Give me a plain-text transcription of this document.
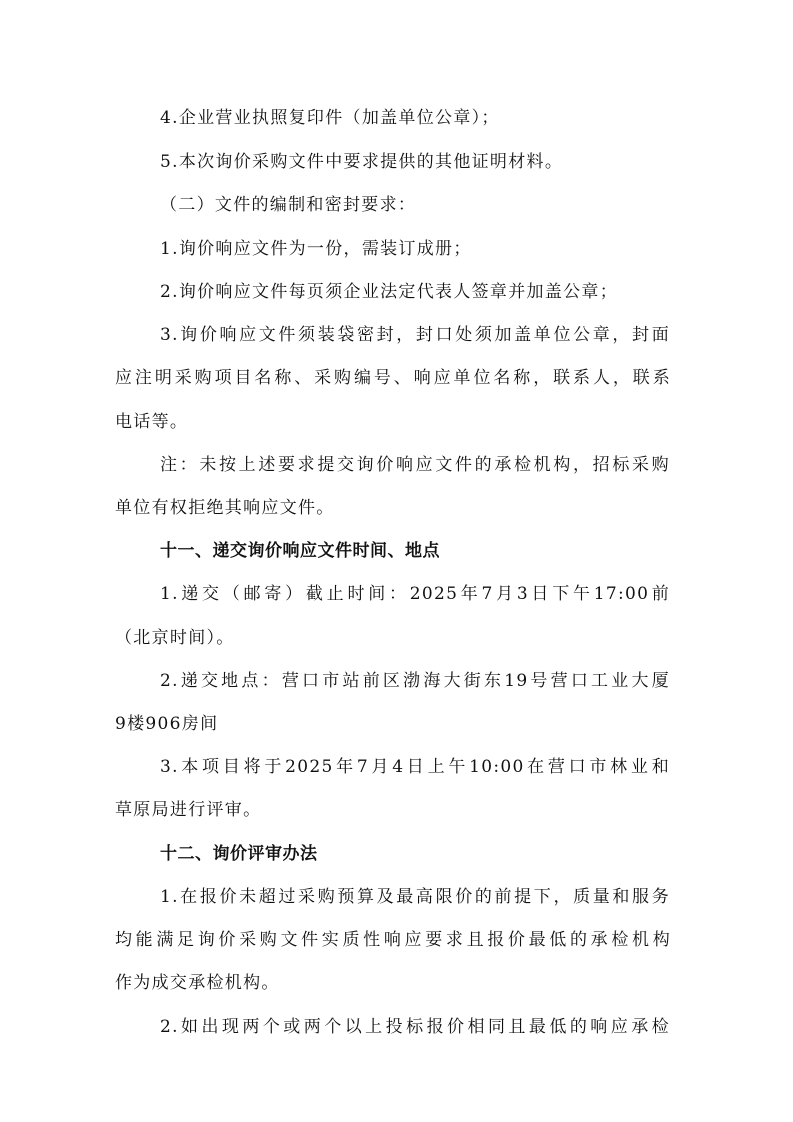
4.企业营业执照复印件（加盖单位公章）；
5.本次询价采购文件中要求提供的其他证明材料。
（二）文件的编制和密封要求：
1.询价响应文件为一份，需装订成册；
2.询价响应文件每页须企业法定代表人签章并加盖公章；
3.询价响应文件须装袋密封，封口处须加盖单位公章，封面
应注明采购项目名称、采购编号、响应单位名称，联系人，联系
电话等。
注：未按上述要求提交询价响应文件的承检机构，招标采购
单位有权拒绝其响应文件。
十一、递交询价响应文件时间、地点
1.递交（邮寄）截止时间：2025年7月3日下午17:00前
（北京时间）。
2.递交地点：营口市站前区渤海大街东19号营口工业大厦
9楼906房间
3.本项目将于2025年7月4日上午10:00在营口市林业和
草原局进行评审。
十二、询价评审办法
1.在报价未超过采购预算及最高限价的前提下，质量和服务
均能满足询价采购文件实质性响应要求且报价最低的承检机构
作为成交承检机构。
2.如出现两个或两个以上投标报价相同且最低的响应承检
